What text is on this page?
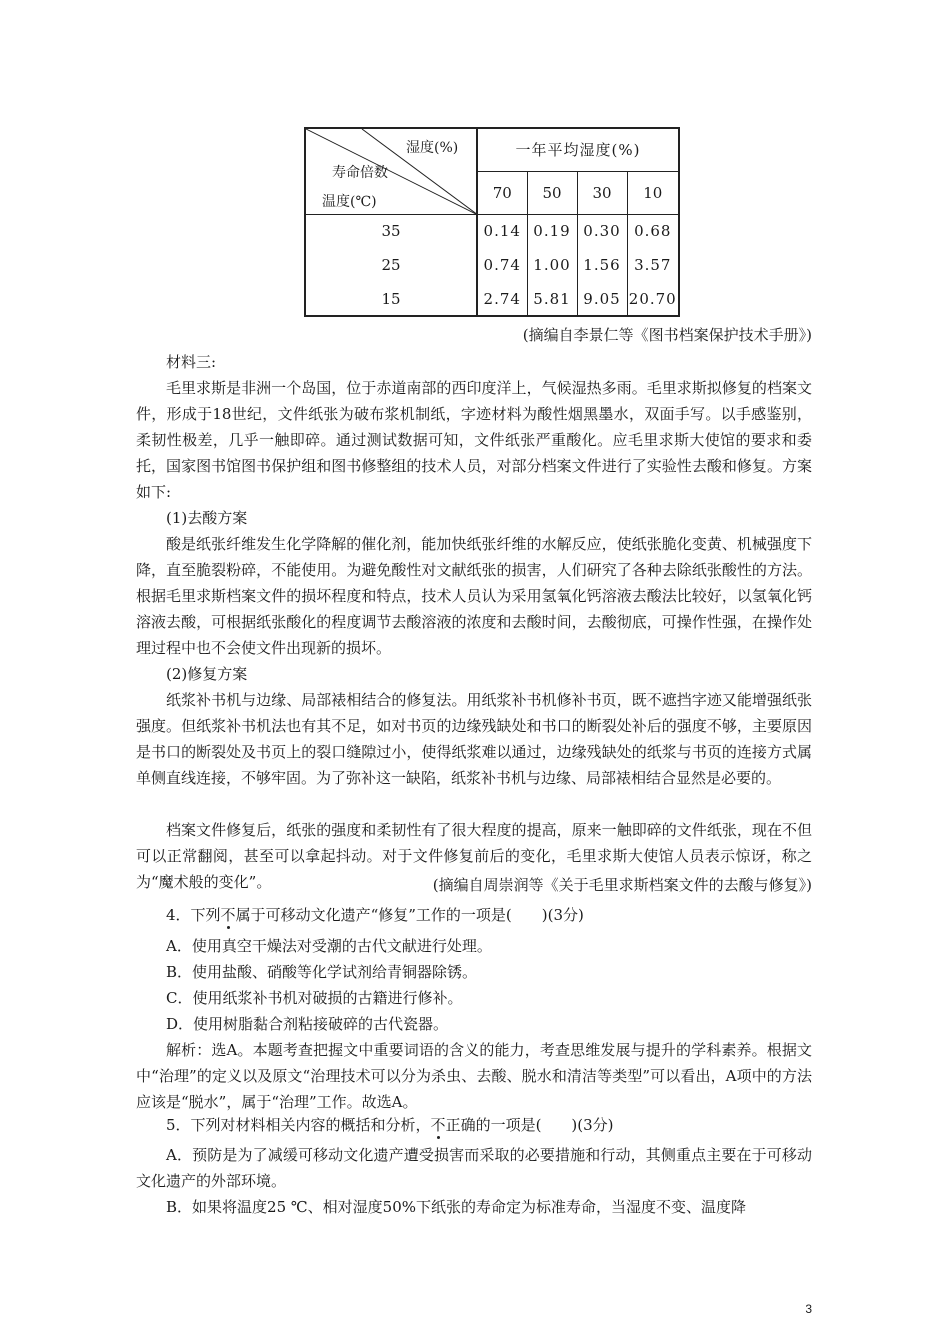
湿度(%)
寿命倍数
温度(℃)	一年平均湿度(%)			
	70	50	30	10
35	0.14	0.19	0.30	0.68
25	0.74	1.00	1.56	3.57
15	2.74	5.81	9.05	20.70
(摘编自李景仁等《图书档案保护技术手册》)

材料三:

毛里求斯是非洲一个岛国，位于赤道南部的西印度洋上，气候湿热多雨。毛里求斯拟修复的档案文件，形成于18世纪，文件纸张为破布浆机制纸，字迹材料为酸性烟黑墨水，双面手写。以手感鉴别，柔韧性极差，几乎一触即碎。通过测试数据可知，文件纸张严重酸化。应毛里求斯大使馆的要求和委托，国家图书馆图书保护组和图书修整组的技术人员，对部分档案文件进行了实验性去酸和修复。方案如下:

(1)去酸方案

酸是纸张纤维发生化学降解的催化剂，能加快纸张纤维的水解反应，使纸张脆化变黄、机械强度下降，直至脆裂粉碎，不能使用。为避免酸性对文献纸张的损害，人们研究了各种去除纸张酸性的方法。根据毛里求斯档案文件的损坏程度和特点，技术人员认为采用氢氧化钙溶液去酸法比较好，以氢氧化钙溶液去酸，可根据纸张酸化的程度调节去酸溶液的浓度和去酸时间，去酸彻底，可操作性强，在操作处理过程中也不会使文件出现新的损坏。

(2)修复方案

纸浆补书机与边缘、局部裱相结合的修复法。用纸浆补书机修补书页，既不遮挡字迹又能增强纸张强度。但纸浆补书机法也有其不足，如对书页的边缘残缺处和书口的断裂处补后的强度不够，主要原因是书口的断裂处及书页上的裂口缝隙过小，使得纸浆难以通过，边缘残缺处的纸浆与书页的连接方式属单侧直线连接，不够牢固。为了弥补这一缺陷，纸浆补书机与边缘、局部裱相结合显然是必要的。

档案文件修复后，纸张的强度和柔韧性有了很大程度的提高，原来一触即碎的文件纸张，现在不但可以正常翻阅，甚至可以拿起抖动。对于文件修复前后的变化，毛里求斯大使馆人员表示惊讶，称之为“魔术般的变化”。	(摘编自周崇润等《关于毛里求斯档案文件的去酸与修复》)

4．下列不属于可移动文化遗产“修复”工作的一项是(　　)(3分)

A．使用真空干燥法对受潮的古代文献进行处理。

B．使用盐酸、硝酸等化学试剂给青铜器除锈。

C．使用纸浆补书机对破损的古籍进行修补。

D．使用树脂黏合剂粘接破碎的古代瓷器。

解析：选A。本题考查把握文中重要词语的含义的能力，考查思维发展与提升的学科素养。根据文中“治理”的定义以及原文“治理技术可以分为杀虫、去酸、脱水和清洁等类型”可以看出，A项中的方法应该是“脱水”，属于“治理”工作。故选A。

5．下列对材料相关内容的概括和分析，不正确的一项是(　　)(3分)

A．预防是为了减缓可移动文化遗产遭受损害而采取的必要措施和行动，其侧重点主要在于可移动文化遗产的外部环境。

B．如果将温度25 ℃、相对湿度50%下纸张的寿命定为标准寿命，当湿度不变、温度降

3
